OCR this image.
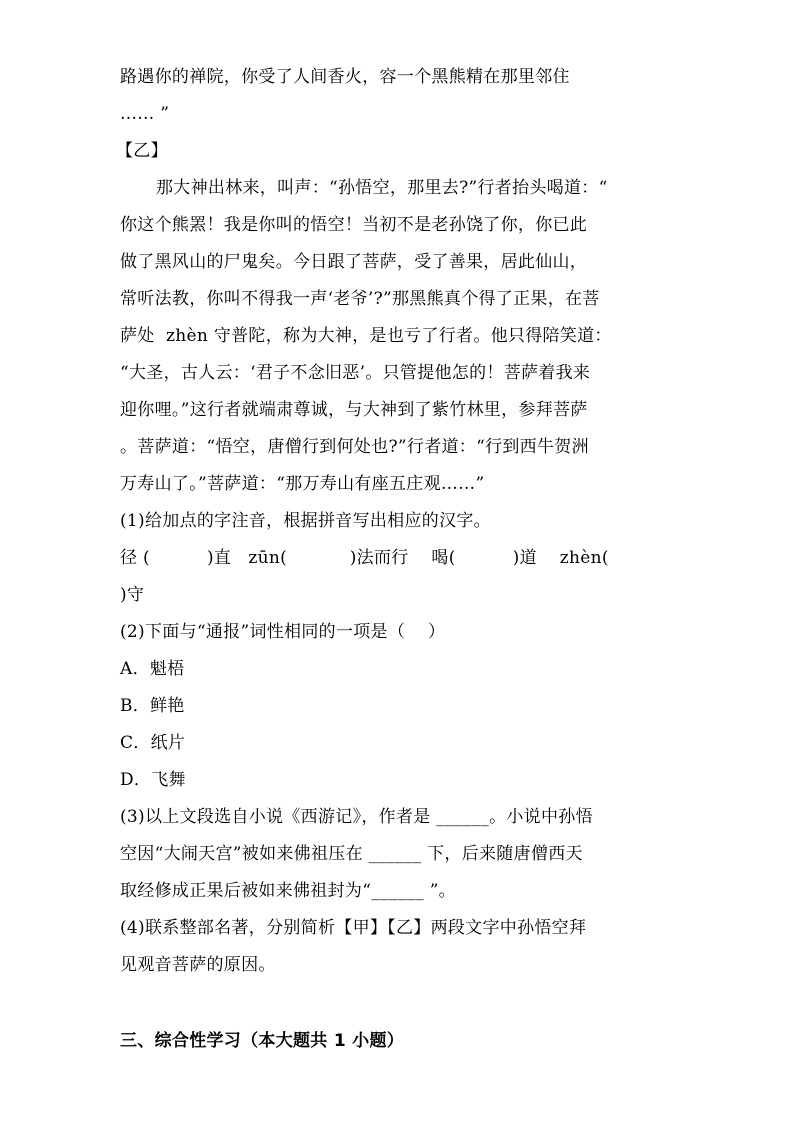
路遇你的禅院，你受了人间香火，容一个黑熊精在那里邻住
…… ”
【乙】
那大神出林来，叫声：“孙悟空，那里去?”行者抬头喝道：“
你这个熊罴！我是你叫的悟空！当初不是老孙饶了你，你已此
做了黑风山的尸鬼矣。今日跟了菩萨，受了善果，居此仙山，
常听法教，你叫不得我一声‘老爷’?”那黑熊真个得了正果，在菩
萨处  zhèn 守普陀，称为大神，是也亏了行者。他只得陪笑道：
“大圣，古人云：‘君子不念旧恶’。只管提他怎的！菩萨着我来
迎你哩。”这行者就端肃尊诚，与大神到了紫竹林里，参拜菩萨
。菩萨道：“悟空，唐僧行到何处也?”行者道：“行到西牛贺洲
万寿山了。”菩萨道：“那万寿山有座五庄观……”
(1)给加点的字注音，根据拼音写出相应的汉字。
径 (          )直   zūn(           )法而行    喝(          )道    zhèn(
)守
(2)下面与“通报”词性相同的一项是（    ）
A．魁梧
B．鲜艳
C．纸片
D．飞舞
(3)以上文段选自小说《西游记》，作者是 ______。小说中孙悟
空因“大闹天宫”被如来佛祖压在 ______ 下，后来随唐僧西天
取经修成正果后被如来佛祖封为“______ ”。
(4)联系整部名著，分别简析【甲】【乙】两段文字中孙悟空拜
见观音菩萨的原因。
三、综合性学习（本大题共 1 小题）
